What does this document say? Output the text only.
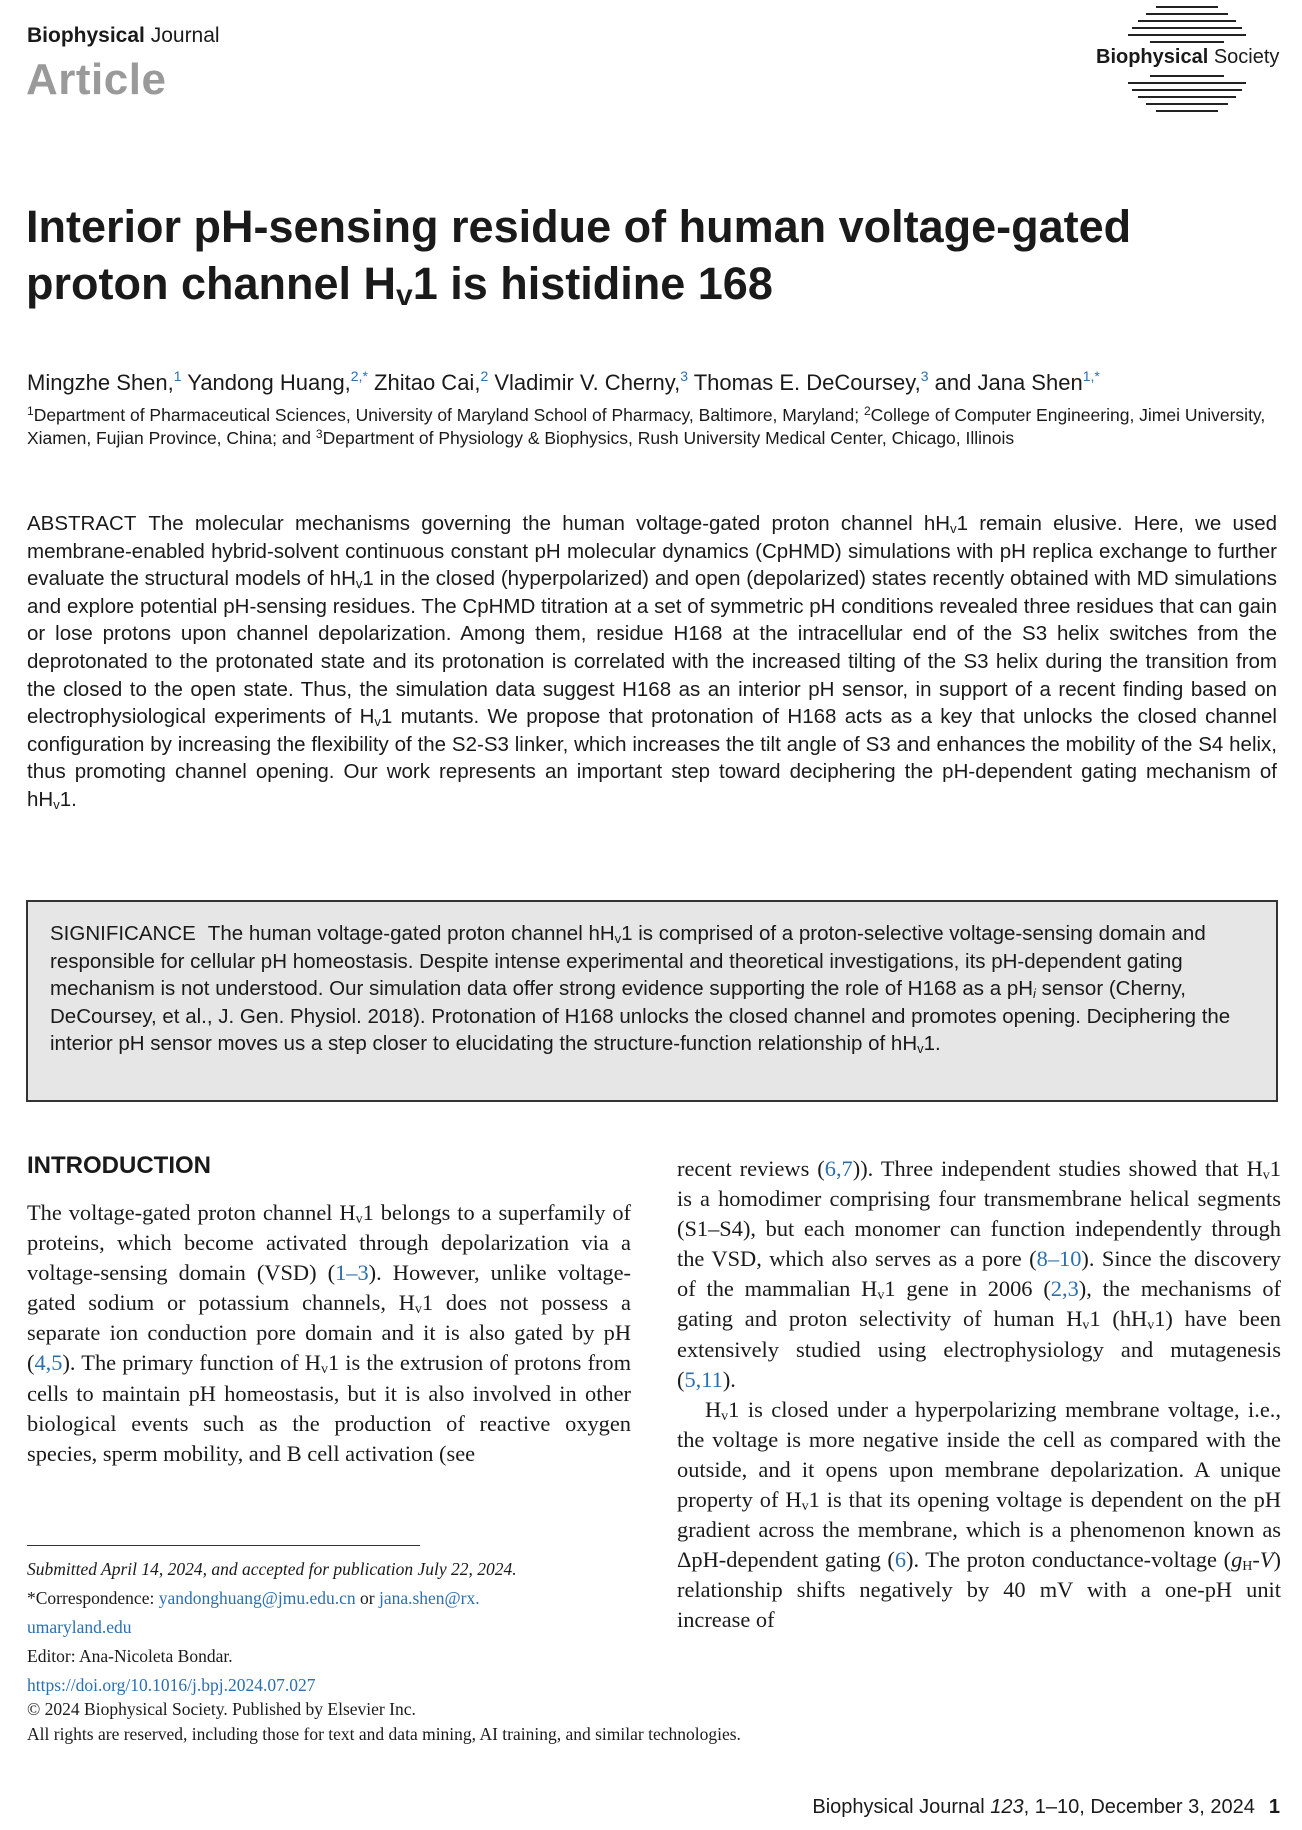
Biophysical Journal
Article	Biophysical Society
Interior pH-sensing residue of human voltage-gated proton channel $H_v1$ is histidine 168
Mingzhe Shen,$^1$ Yandong Huang,$^{2,*}$ Zhitao Cai,$^2$ Vladimir V. Cherny,$^3$ Thomas E. DeCoursey,$^3$ and Jana Shen$^{1,*}$
$^1$Department of Pharmaceutical Sciences, University of Maryland School of Pharmacy, Baltimore, Maryland; $^2$College of Computer Engineering, Jimei University, Xiamen, Fujian Province, China; and $^3$Department of Physiology & Biophysics, Rush University Medical Center, Chicago, Illinois

ABSTRACT The molecular mechanisms governing the human voltage-gated proton channel $hH_v1$ remain elusive. Here, we used membrane-enabled hybrid-solvent continuous constant pH molecular dynamics (CpHMD) simulations with pH replica exchange to further evaluate the structural models of $hH_v1$ in the closed (hyperpolarized) and open (depolarized) states recently obtained with MD simulations and explore potential pH-sensing residues. The CpHMD titration at a set of symmetric pH conditions revealed three residues that can gain or lose protons upon channel depolarization. Among them, residue H168 at the intracellular end of the S3 helix switches from the deprotonated to the protonated state and its protonation is correlated with the increased tilting of the S3 helix during the transition from the closed to the open state. Thus, the simulation data suggest H168 as an interior pH sensor, in support of a recent finding based on electrophysiological experiments of $H_v1$ mutants. We propose that protonation of H168 acts as a key that unlocks the closed channel configuration by increasing the flexibility of the S2-S3 linker, which increases the tilt angle of S3 and enhances the mobility of the S4 helix, thus promoting channel opening. Our work represents an important step toward deciphering the pH-dependent gating mechanism of $hH_v1$.

SIGNIFICANCE The human voltage-gated proton channel $hH_v1$ is comprised of a proton-selective voltage-sensing domain and responsible for cellular pH homeostasis. Despite intense experimental and theoretical investigations, its pH-dependent gating mechanism is not understood. Our simulation data offer strong evidence supporting the role of H168 as a $pH_i$ sensor (Cherny, DeCoursey, et al., J. Gen. Physiol. 2018). Protonation of H168 unlocks the closed channel and promotes opening. Deciphering the interior pH sensor moves us a step closer to elucidating the structure-function relationship of $hH_v1$.

INTRODUCTION

The voltage-gated proton channel $H_v1$ belongs to a superfamily of proteins, which become activated through depolarization via a voltage-sensing domain (VSD) (1–3). However, unlike voltage-gated sodium or potassium channels, $H_v1$ does not possess a separate ion conduction pore domain and it is also gated by pH (4,5). The primary function of $H_v1$ is the extrusion of protons from cells to maintain pH homeostasis, but it is also involved in other biological events such as the production of reactive oxygen species, sperm mobility, and B cell activation (see

recent reviews (6,7)). Three independent studies showed that $H_v1$ is a homodimer comprising four transmembrane helical segments (S1–S4), but each monomer can function independently through the VSD, which also serves as a pore (8–10). Since the discovery of the mammalian $H_v1$ gene in 2006 (2,3), the mechanisms of gating and proton selectivity of human $H_v1$ $(hH_v1)$ have been extensively studied using electrophysiology and mutagenesis (5,11).
$H_v1$ is closed under a hyperpolarizing membrane voltage, i.e., the voltage is more negative inside the cell as compared with the outside, and it opens upon membrane depolarization. A unique property of $H_v1$ is that its opening voltage is dependent on the pH gradient across the membrane, which is a phenomenon known as ΔpH-dependent gating (6). The proton conductance-voltage $(g_H-V)$ relationship shifts negatively by 40 mV with a one-pH unit increase of

Submitted April 14, 2024, and accepted for publication July 22, 2024.
*Correspondence: yandonghuang@jmu.edu.cn or jana.shen@rx.
umaryland.edu
Editor: Ana-Nicoleta Bondar.
https://doi.org/10.1016/j.bpj.2024.07.027
© 2024 Biophysical Society. Published by Elsevier Inc.
All rights are reserved, including those for text and data mining, AI training, and similar technologies.
Biophysical Journal 123, 1–10, December 3, 2024 1
